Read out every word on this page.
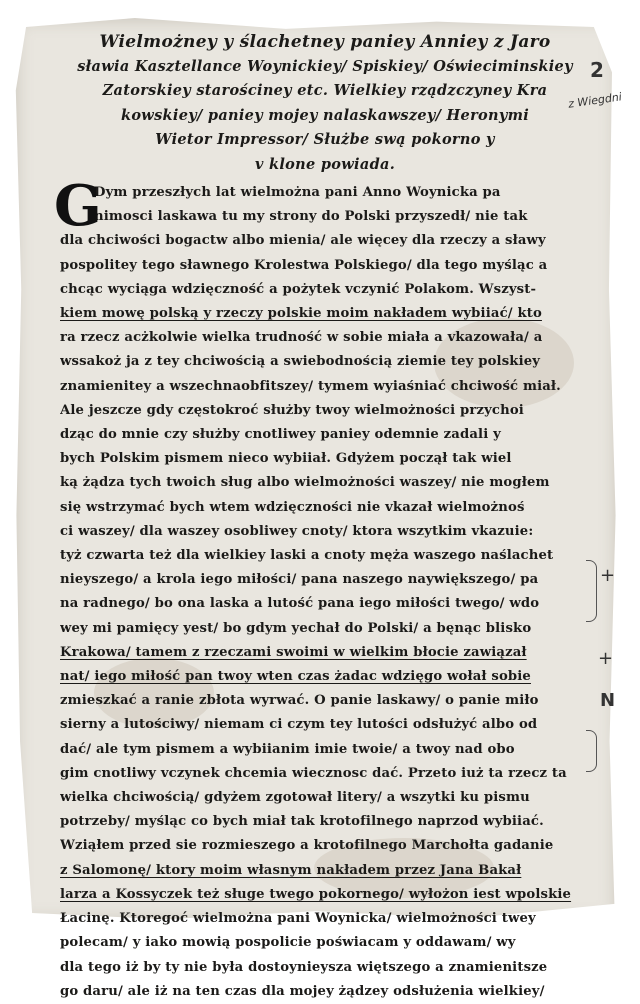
Wielmożney y ślachetney paniey Anniey z Jaro
sławia Kasztellance Woynickiey/ Spiskiey/ Oświeciminskiey
Zatorskiey starościney etc. Wielkiey rządzczyney Kra
kowskiey/ paniey mojey nalaskawszey/ Heronymi
Wietor Impressor/ Służbe swą pokorno y
v klone powiada.
G
Dym przeszłych lat wielmożna pani Anno Woynicka pa
nimosci laskawa tu my strony do Polski przyszedł/ nie tak
dla chciwości bogactw albo mienia/ ale więcey dla rzeczy a sławy
pospolitey tego sławnego Krolestwa Polskiego/ dla tego myśląc a
chcąc wyciąga wdzięczność a pożytek vczynić Polakom. Wszyst-
kiem mowę polską y rzeczy polskie moim nakładem wybiiać/ kto
ra rzecz acżkolwie wielka trudność w sobie miała a vkazowała/ a
wssakoż ja z tey chciwością a swiebodnością ziemie tey polskiey
znamienitey a wszechnaobfitszey/ tymem wyiaśniać chciwość miał.
Ale jeszcze gdy częstokroć służby twoy wielmożności przychoi
dząc do mnie czy służby cnotliwey paniey odemnie zadali y
bych Polskim pismem nieco wybiiał. Gdyżem począł tak wiel
ką żądza tych twoich sług albo wielmożności waszey/ nie mogłem
się wstrzymać bych wtem wdzięczności nie vkazał wielmożnoś
ci waszey/ dla waszey osobliwey cnoty/ ktora wszytkim vkazuie:
tyż czwarta też dla wielkiey laski a cnoty męża waszego naślachet
nieyszego/ a krola iego miłości/ pana naszego naywiększego/ pa
na radnego/ bo ona laska a lutość pana iego miłości twego/ wdo
wey mi pamięcy yest/ bo gdym yechał do Polski/ a bęnąc blisko
Krakowa/ tamem z rzeczami swoimi w wielkim błocie zawiązał
nat/ iego miłość pan twoy wten czas żadac wdzięgo wołał sobie
zmieszkać a ranie zbłota wyrwać. O panie laskawy/ o panie miło
sierny a lutościwy/ niemam ci czym tey lutości odsłużyć albo od
dać/ ale tym pismem a wybiianim imie twoie/ a twoy nad obo
gim cnotliwy vczynek chcemia wiecznosc dać. Przeto iuż ta rzecz ta
wielka chciwością/ gdyżem zgotował litery/ a wszytki ku pismu
potrzeby/ myśląc co bych miał tak krotofilnego naprzod wybiiać.
Wziąłem przed sie rozmieszego a krotofilnego Marchołta gadanie
z Salomonę/ ktory moim własnym nakładem przez Jana Bakał
larza a Kossyczek też sługe twego pokornego/ wyłożon iest wpolskie
Łacinę. Ktoregoć wielmożna pani Woynicka/ wielmożności twey
polecam/ y iako mowią pospolicie poświacam y oddawam/ wy
dla tego iż by ty nie była dostoynieysza więtszego a znamienitsze
go daru/ ale iż na ten czas dla mojey żądzey odsłużenia wielkiey/
2
z Wiegdni
+
+
N
